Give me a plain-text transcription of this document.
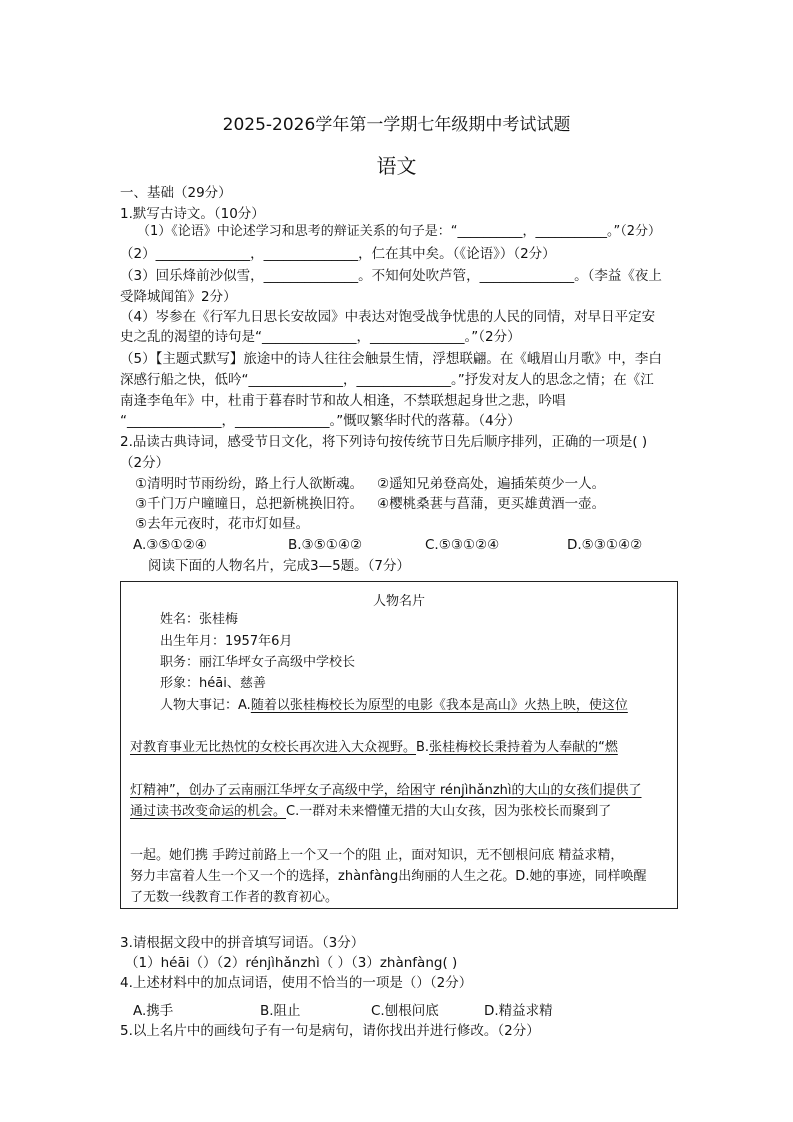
2025-2026学年第一学期七年级期中考试试题
语文
一、基础（29分）
1.默写古诗文。（10分）
（1）《论语》中论述学习和思考的辩证关系的句子是：“__________，___________。”（2分）
（2）______________，______________，仁在其中矣。（《论语》）（2分）
（3）回乐烽前沙似雪，______________。不知何处吹芦管，______________。（李益《夜上
受降城闻笛》2分）
（4）岑参在《行军九日思长安故园》中表达对饱受战争忧患的人民的同情，对早日平定安
史之乱的渴望的诗句是“______________，______________。”（2分）
（5）【主题式默写】旅途中的诗人往往会触景生情，浮想联翩。在《峨眉山月歌》中，李白
深感行船之快，低吟“______________，______________。”抒发对友人的思念之情；在《江
南逢李龟年》中，杜甫于暮春时节和故人相逢，不禁联想起身世之悲，吟唱
“______________，______________。”慨叹繁华时代的落幕。（4分）
2.品读古典诗词，感受节日文化，将下列诗句按传统节日先后顺序排列，正确的一项是( )
（2分）
①清明时节雨纷纷，路上行人欲断魂。 ②遥知兄弟登高处，遍插茱萸少一人。
③千门万户曈曈日，总把新桃换旧符。 ④樱桃桑葚与菖蒲，更买雄黄酒一壶。
⑤去年元夜时，花市灯如昼。
A.③⑤①②④	B.③⑤①④②	C.⑤③①②④	D.⑤③①④②
阅读下面的人物名片，完成3—5题。（7分）
人物名片
姓名：张桂梅
出生年月：1957年6月
职务：丽江华坪女子高级中学校长
形象：héāi、慈善
人物大事记：A.随着以张桂梅校长为原型的电影《我本是高山》火热上映，使这位
对教育事业无比热忱的女校长再次进入大众视野。B.张桂梅校长秉持着为人奉献的“燃
灯精神”，创办了云南丽江华坪女子高级中学，给困守 rénjìhǎnzhì的大山的女孩们提供了
通过读书改变命运的机会。C.一群对未来懵懂无措的大山女孩，因为张校长而聚到了
一起。她们携 手跨过前路上一个又一个的阻 止，面对知识，无不刨根问底 精益求精，
努力丰富着人生一个又一个的选择，zhànfàng出绚丽的人生之花。D.她的事迹，同样唤醒
了无数一线教育工作者的教育初心。
3.请根据文段中的拼音填写词语。（3分）
（1）héāi（）（2）rénjìhǎnzhì（ ）（3）zhànfàng( )
4.上述材料中的加点词语，使用不恰当的一项是（）（2分）
A.携手	B.阻止	C.刨根问底	D.精益求精
5.以上名片中的画线句子有一句是病句，请你找出并进行修改。（2分）
